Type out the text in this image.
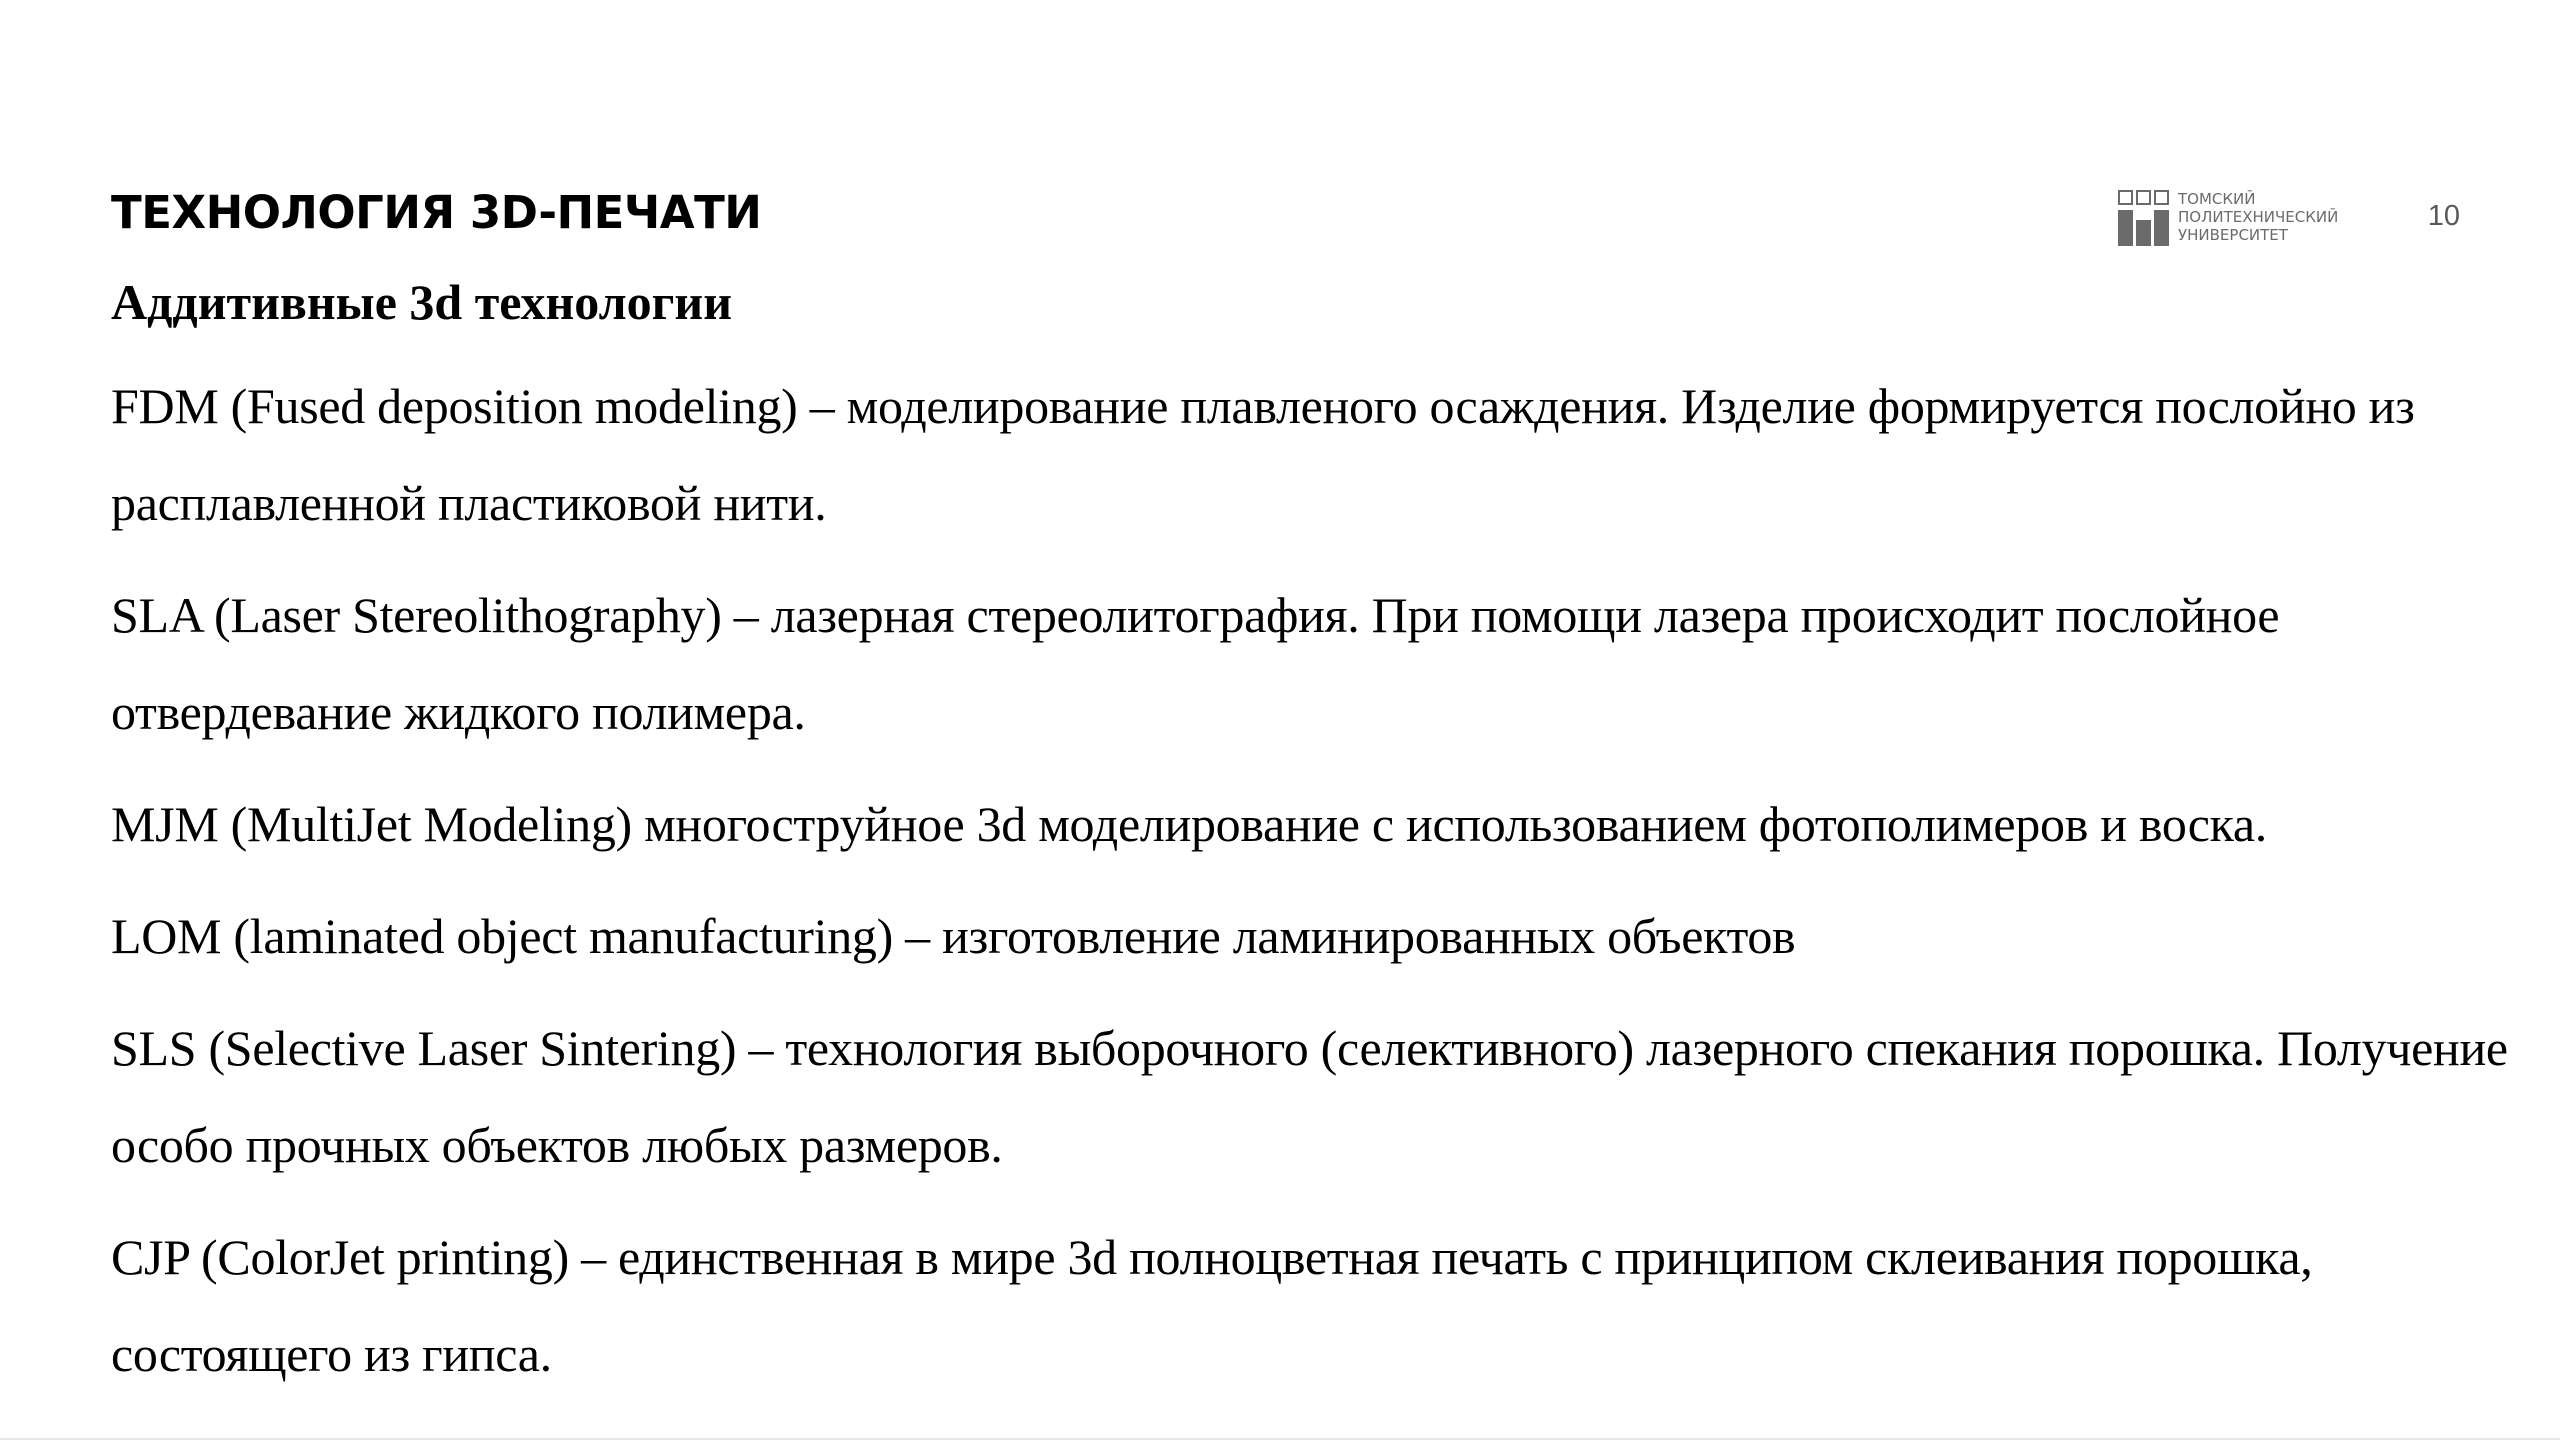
ТЕХНОЛОГИЯ 3D-ПЕЧАТИ	ТОМСКИЙ
ПОЛИТЕХНИЧЕСКИЙ
УНИВЕРСИТЕТ
10
Аддитивные 3d технологии

FDM (Fused deposition modeling) – моделирование плавленого осаждения. Изделие формируется послойно из расплавленной пластиковой нити.

SLA (Laser Stereolithography) – лазерная стереолитография. При помощи лазера происходит послойное отвердевание жидкого полимера.

MJM (MultiJet Modeling) многоструйное 3d моделирование с использованием фотополимеров и воска.

LOM (laminated object manufacturing) – изготовление ламинированных объектов

SLS (Selective Laser Sintering) – технология выборочного (селективного) лазерного спекания порошка. Получение особо прочных объектов любых размеров.

CJP (ColorJet printing) – единственная в мире 3d полноцветная печать с принципом склеивания порошка, состоящего из гипса.
